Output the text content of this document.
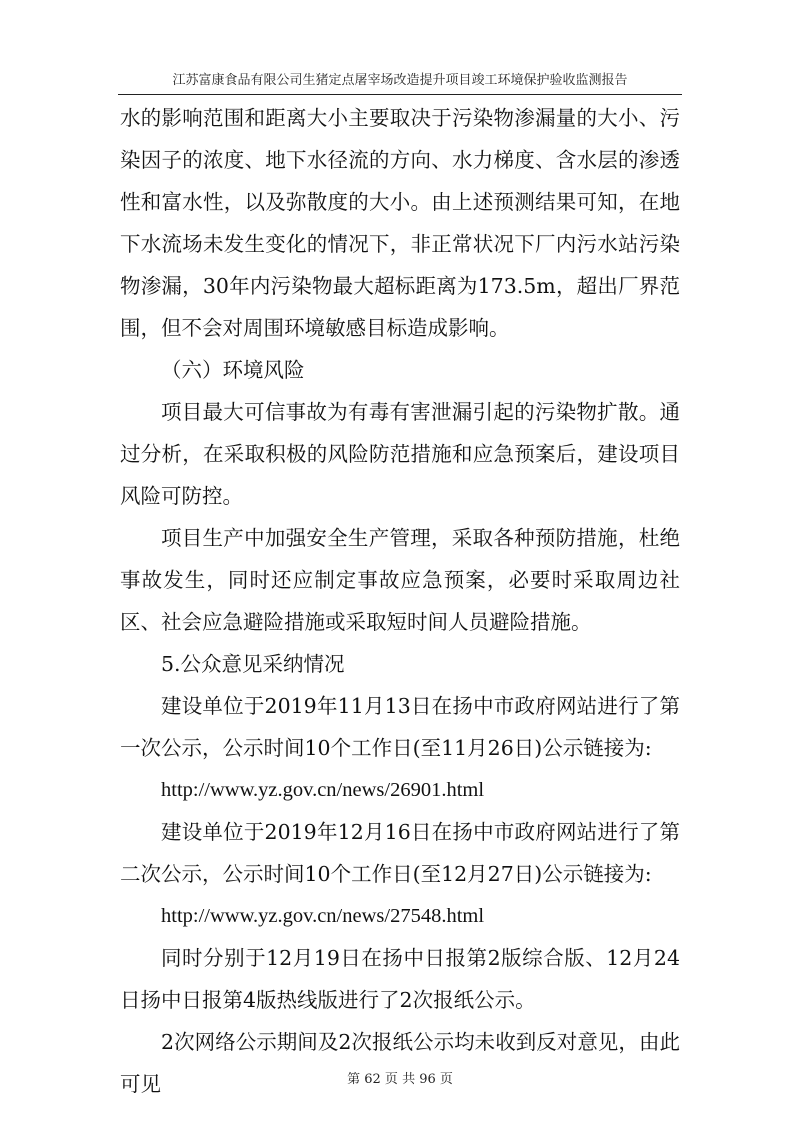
江苏富康食品有限公司生猪定点屠宰场改造提升项目竣工环境保护验收监测报告

水的影响范围和距离大小主要取决于污染物渗漏量的大小、污染因子的浓度、地下水径流的方向、水力梯度、含水层的渗透性和富水性，以及弥散度的大小。由上述预测结果可知，在地下水流场未发生变化的情况下，非正常状况下厂内污水站污染物渗漏，30年内污染物最大超标距离为173.5m，超出厂界范围，但不会对周围环境敏感目标造成影响。

（六）环境风险

项目最大可信事故为有毒有害泄漏引起的污染物扩散。通过分析，在采取积极的风险防范措施和应急预案后，建设项目风险可防控。

项目生产中加强安全生产管理，采取各种预防措施，杜绝事故发生，同时还应制定事故应急预案，必要时采取周边社区、社会应急避险措施或采取短时间人员避险措施。

5.公众意见采纳情况

建设单位于2019年11月13日在扬中市政府网站进行了第一次公示，公示时间10个工作日(至11月26日)公示链接为:

http://www.yz.gov.cn/news/26901.html

建设单位于2019年12月16日在扬中市政府网站进行了第二次公示，公示时间10个工作日(至12月27日)公示链接为:

http://www.yz.gov.cn/news/27548.html

同时分别于12月19日在扬中日报第2版综合版、12月24日扬中日报第4版热线版进行了2次报纸公示。

2次网络公示期间及2次报纸公示均未收到反对意见，由此可见	第 62 页 共 96 页
